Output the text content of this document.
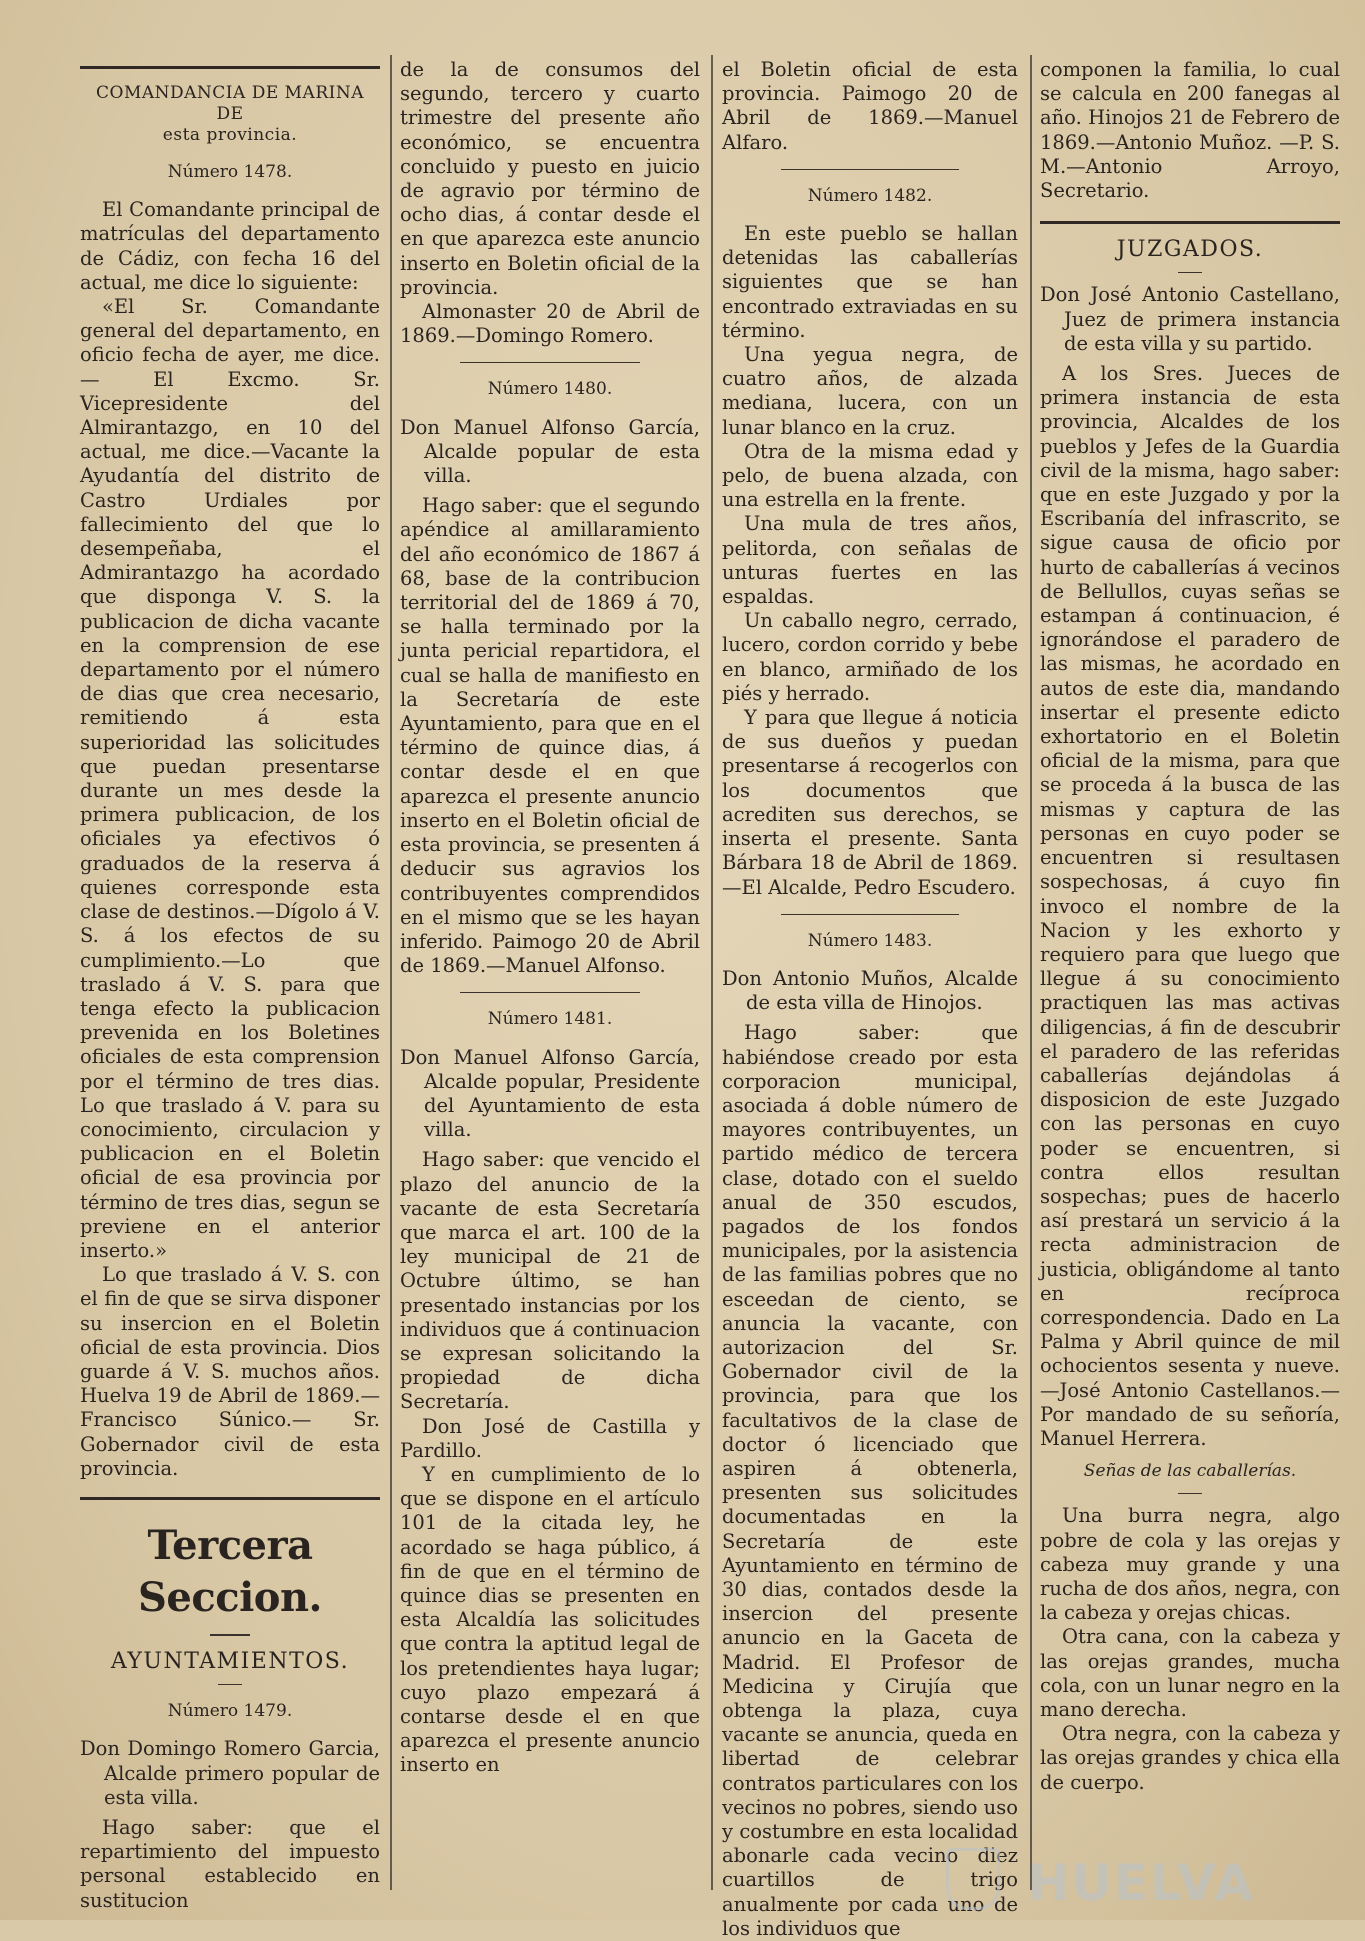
COMANDANCIA DE MARINA DE
esta provincia.
Número 1478.

El Comandante principal de matrículas del departamento de Cádiz, con fecha 16 del actual, me dice lo siguiente:

«El Sr. Comandante general del departamento, en oficio fecha de ayer, me dice.— El Excmo. Sr. Vicepresidente del Almirantazgo, en 10 del actual, me dice.—Vacante la Ayudantía del distrito de Castro Urdiales por fallecimiento del que lo desempeñaba, el Admirantazgo ha acordado que disponga V. S. la publicacion de dicha vacante en la comprension de ese departamento por el número de dias que crea necesario, remitiendo á esta superioridad las solicitudes que puedan presentarse durante un mes desde la primera publicacion, de los oficiales ya efectivos ó graduados de la reserva á quienes corresponde esta clase de destinos.—Dígolo á V. S. á los efectos de su cumplimiento.—Lo que traslado á V. S. para que tenga efecto la publicacion prevenida en los Boletines oficiales de esta comprension por el término de tres dias. Lo que traslado á V. para su conocimiento, circulacion y publicacion en el Boletin oficial de esa provincia por término de tres dias, segun se previene en el anterior inserto.»

Lo que traslado á V. S. con el fin de que se sirva disponer su insercion en el Boletin oficial de esta provincia. Dios guarde á V. S. muchos años. Huelva 19 de Abril de 1869.—Francisco Súnico.— Sr. Gobernador civil de esta provincia.

Tercera Seccion.
AYUNTAMIENTOS.
Número 1479.
Don Domingo Romero Garcia, Alcalde primero popular de esta villa.

Hago saber: que el repartimiento del impuesto personal establecido en sustitucion

de la de consumos del segundo, tercero y cuarto trimestre del presente año económico, se encuentra concluido y puesto en juicio de agravio por término de ocho dias, á contar desde el en que aparezca este anuncio inserto en Boletin oficial de la provincia.

Almonaster 20 de Abril de 1869.—Domingo Romero.

Número 1480.
Don Manuel Alfonso García, Alcalde popular de esta villa.

Hago saber: que el segundo apéndice al amillaramiento del año económico de 1867 á 68, base de la contribucion territorial del de 1869 á 70, se halla terminado por la junta pericial repartidora, el cual se halla de manifiesto en la Secretaría de este Ayuntamiento, para que en el término de quince dias, á contar desde el en que aparezca el presente anuncio inserto en el Boletin oficial de esta provincia, se presenten á deducir sus agravios los contribuyentes comprendidos en el mismo que se les hayan inferido. Paimogo 20 de Abril de 1869.—Manuel Alfonso.

Número 1481.
Don Manuel Alfonso García, Alcalde popular, Presidente del Ayuntamiento de esta villa.

Hago saber: que vencido el plazo del anuncio de la vacante de esta Secretaría que marca el art. 100 de la ley municipal de 21 de Octubre último, se han presentado instancias por los individuos que á continuacion se expresan solicitando la propiedad de dicha Secretaría.

Don José de Castilla y Pardillo.

Y en cumplimiento de lo que se dispone en el artículo 101 de la citada ley, he acordado se haga público, á fin de que en el término de quince dias se presenten en esta Alcaldía las solicitudes que contra la aptitud legal de los pretendientes haya lugar; cuyo plazo empezará á contarse desde el en que aparezca el presente anuncio inserto en

el Boletin oficial de esta provincia. Paimogo 20 de Abril de 1869.—Manuel Alfaro.

Número 1482.

En este pueblo se hallan detenidas las caballerías siguientes que se han encontrado extraviadas en su término.

Una yegua negra, de cuatro años, de alzada mediana, lucera, con un lunar blanco en la cruz.

Otra de la misma edad y pelo, de buena alzada, con una estrella en la frente.

Una mula de tres años, pelitorda, con señalas de unturas fuertes en las espaldas.

Un caballo negro, cerrado, lucero, cordon corrido y bebe en blanco, armiñado de los piés y herrado.

Y para que llegue á noticia de sus dueños y puedan presentarse á recogerlos con los documentos que acrediten sus derechos, se inserta el presente. Santa Bárbara 18 de Abril de 1869.—El Alcalde, Pedro Escudero.

Número 1483.
Don Antonio Muños, Alcalde de esta villa de Hinojos.

Hago saber: que habiéndose creado por esta corporacion municipal, asociada á doble número de mayores contribuyentes, un partido médico de tercera clase, dotado con el sueldo anual de 350 escudos, pagados de los fondos municipales, por la asistencia de las familias pobres que no esceedan de ciento, se anuncia la vacante, con autorizacion del Sr. Gobernador civil de la provincia, para que los facultativos de la clase de doctor ó licenciado que aspiren á obtenerla, presenten sus solicitudes documentadas en la Secretaría de este Ayuntamiento en término de 30 dias, contados desde la insercion del presente anuncio en la Gaceta de Madrid. El Profesor de Medicina y Cirujía que obtenga la plaza, cuya vacante se anuncia, queda en libertad de celebrar contratos particulares con los vecinos no pobres, siendo uso y costumbre en esta localidad abonarle cada vecino diez cuartillos de trigo anualmente por cada uno de los individuos que

componen la familia, lo cual se calcula en 200 fanegas al año. Hinojos 21 de Febrero de 1869.—Antonio Muñoz. —P. S. M.—Antonio Arroyo, Secretario.

JUZGADOS.
Don José Antonio Castellano, Juez de primera instancia de esta villa y su partido.

A los Sres. Jueces de primera instancia de esta provincia, Alcaldes de los pueblos y Jefes de la Guardia civil de la misma, hago saber: que en este Juzgado y por la Escribanía del infrascrito, se sigue causa de oficio por hurto de caballerías á vecinos de Bellullos, cuyas señas se estampan á continuacion, é ignorándose el paradero de las mismas, he acordado en autos de este dia, mandando insertar el presente edicto exhortatorio en el Boletin oficial de la misma, para que se proceda á la busca de las mismas y captura de las personas en cuyo poder se encuentren si resultasen sospechosas, á cuyo fin invoco el nombre de la Nacion y les exhorto y requiero para que luego que llegue á su conocimiento practiquen las mas activas diligencias, á fin de descubrir el paradero de las referidas caballerías dejándolas á disposicion de este Juzgado con las personas en cuyo poder se encuentren, si contra ellos resultan sospechas; pues de hacerlo así prestará un servicio á la recta administracion de justicia, obligándome al tanto en recíproca correspondencia. Dado en La Palma y Abril quince de mil ochocientos sesenta y nueve.—José Antonio Castellanos.—Por mandado de su señoría, Manuel Herrera.

Señas de las caballerías.

Una burra negra, algo pobre de cola y las orejas y cabeza muy grande y una rucha de dos años, negra, con la cabeza y orejas chicas.

Otra cana, con la cabeza y las orejas grandes, mucha cola, con un lunar negro en la mano derecha.

Otra negra, con la cabeza y las orejas grandes y chica ella de cuerpo.

HUELVA
